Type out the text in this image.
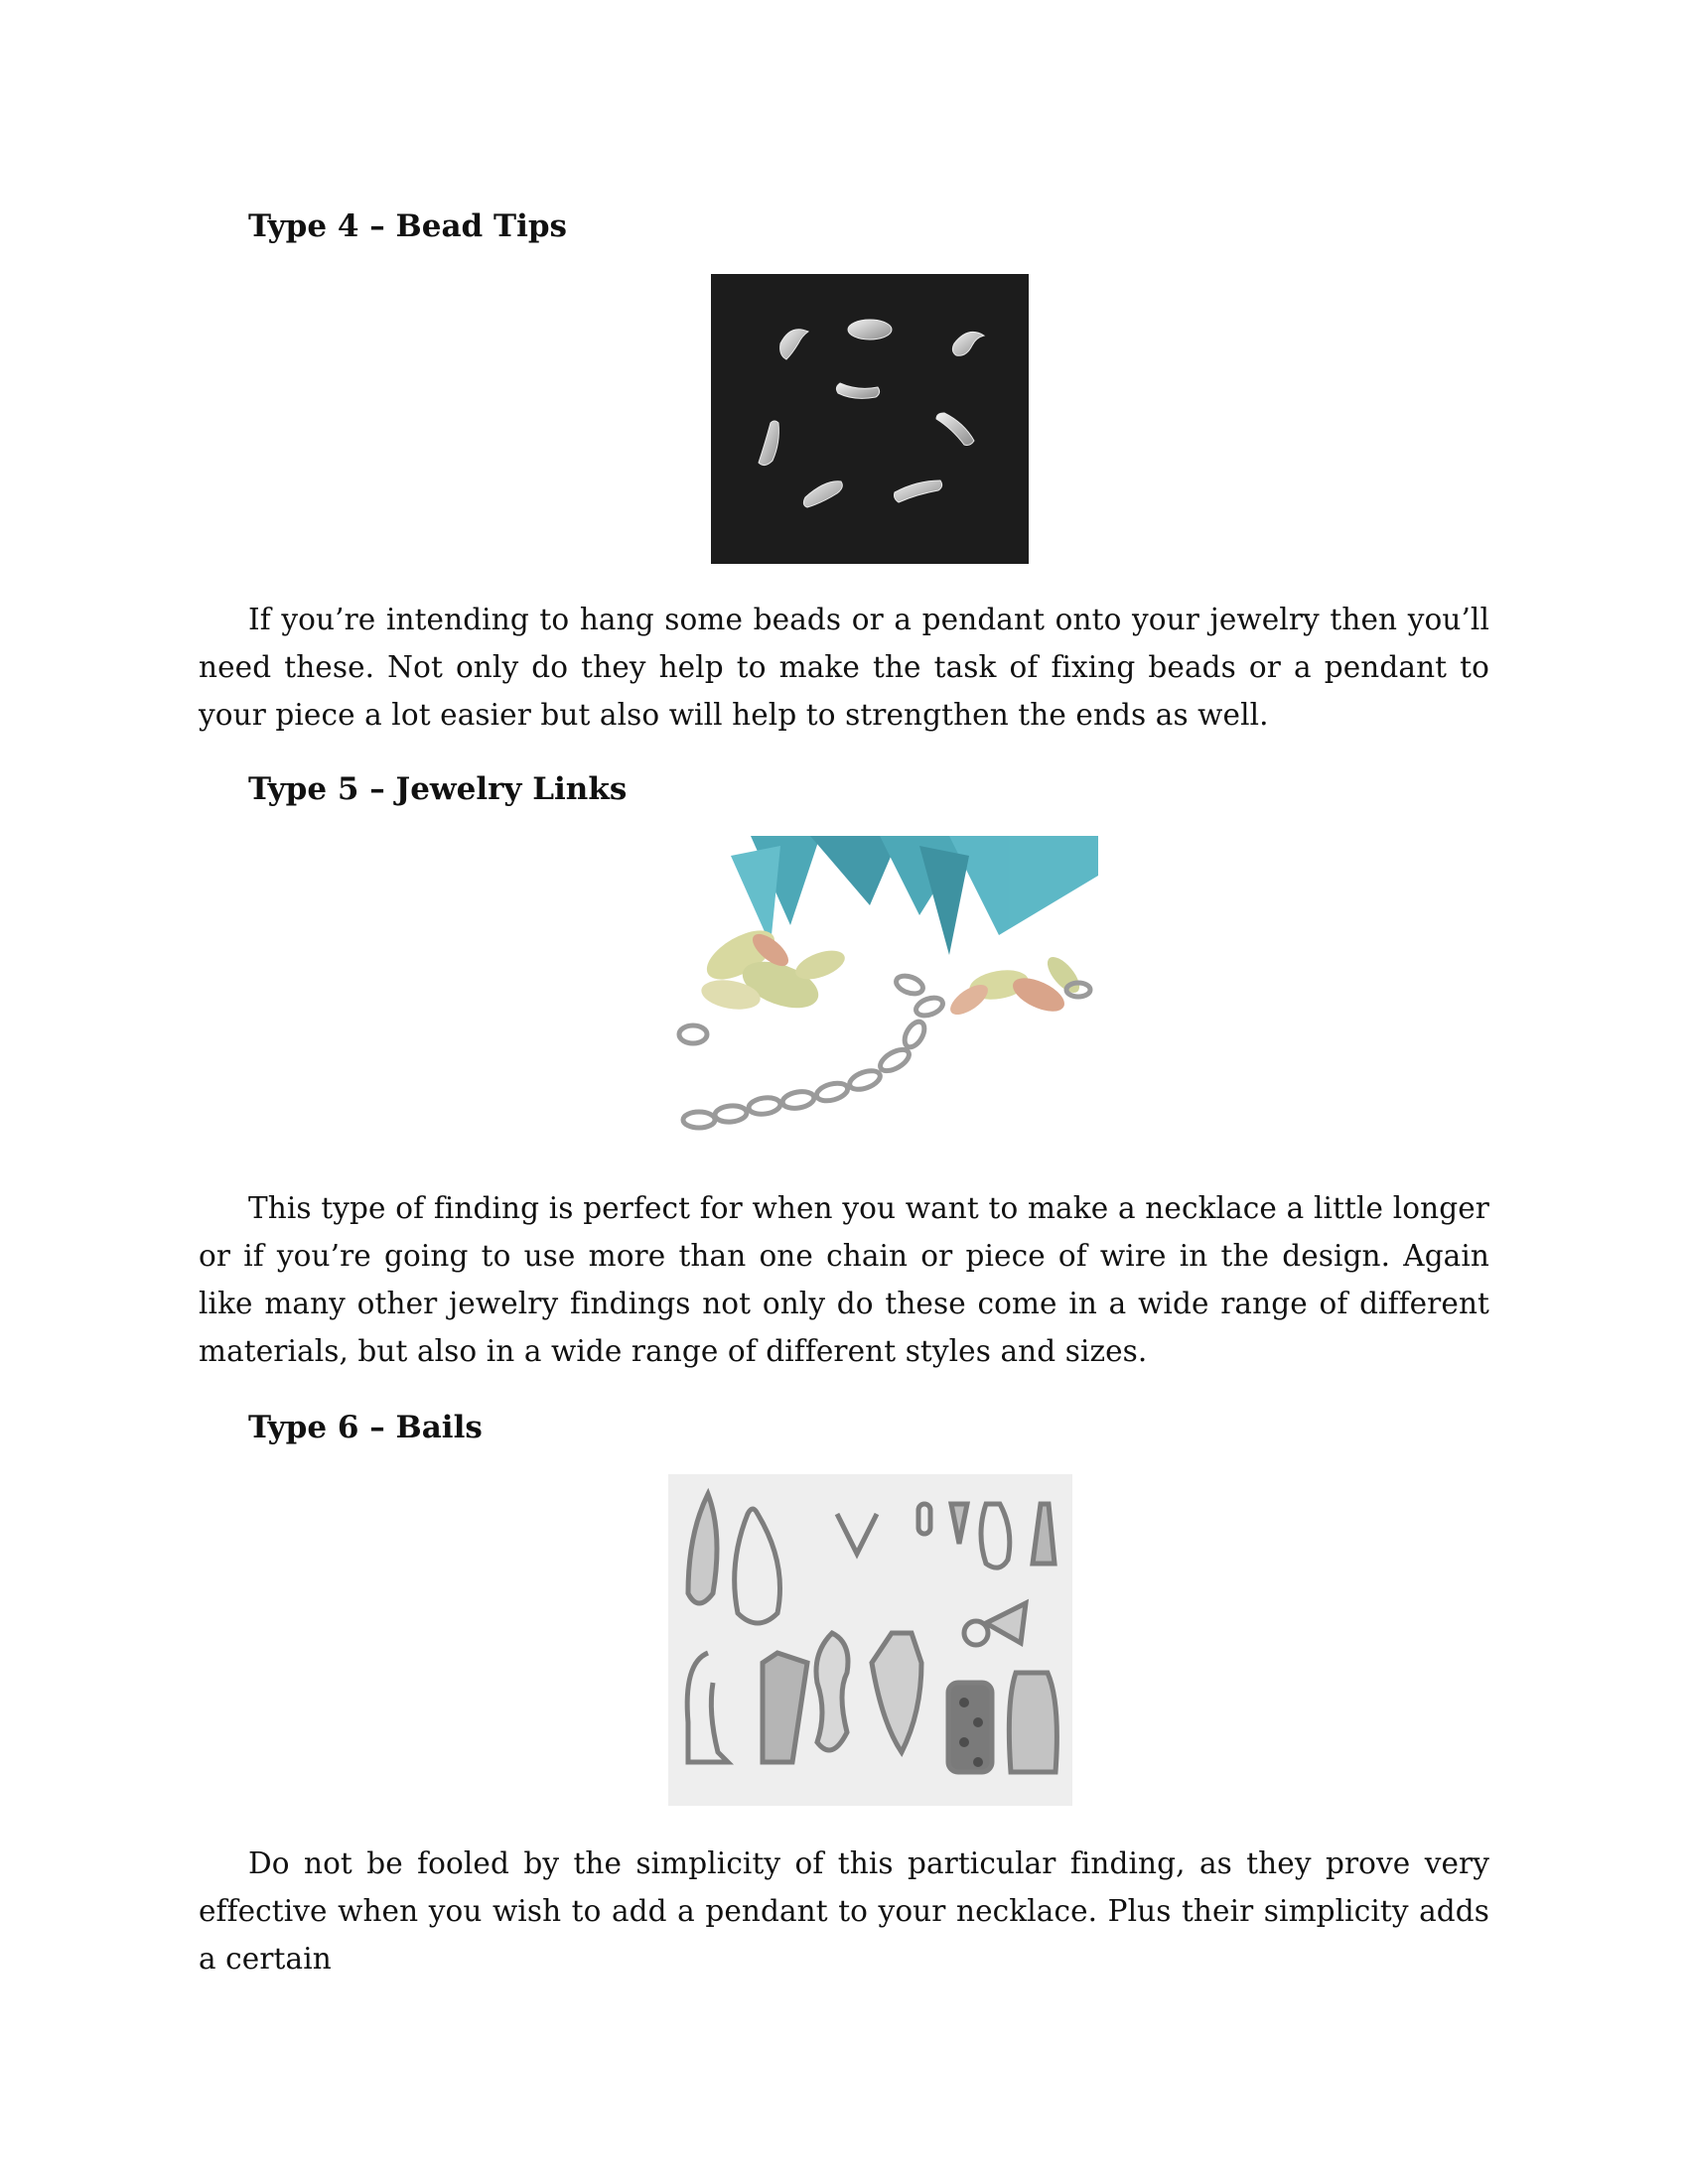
Type 4 – Bead Tips

If you’re intending to hang some beads or a pendant onto your jewelry then you’ll need these. Not only do they help to make the task of fixing beads or a pendant to your piece a lot easier but also will help to strengthen the ends as well.

Type 5 – Jewelry Links

This type of finding is perfect for when you want to make a necklace a little longer or if you’re going to use more than one chain or piece of wire in the design. Again like many other jewelry findings not only do these come in a wide range of different materials, but also in a wide range of different styles and sizes.

Type 6 – Bails

Do not be fooled by the simplicity of this particular finding, as they prove very effective when you wish to add a pendant to your necklace. Plus their simplicity adds a certain
